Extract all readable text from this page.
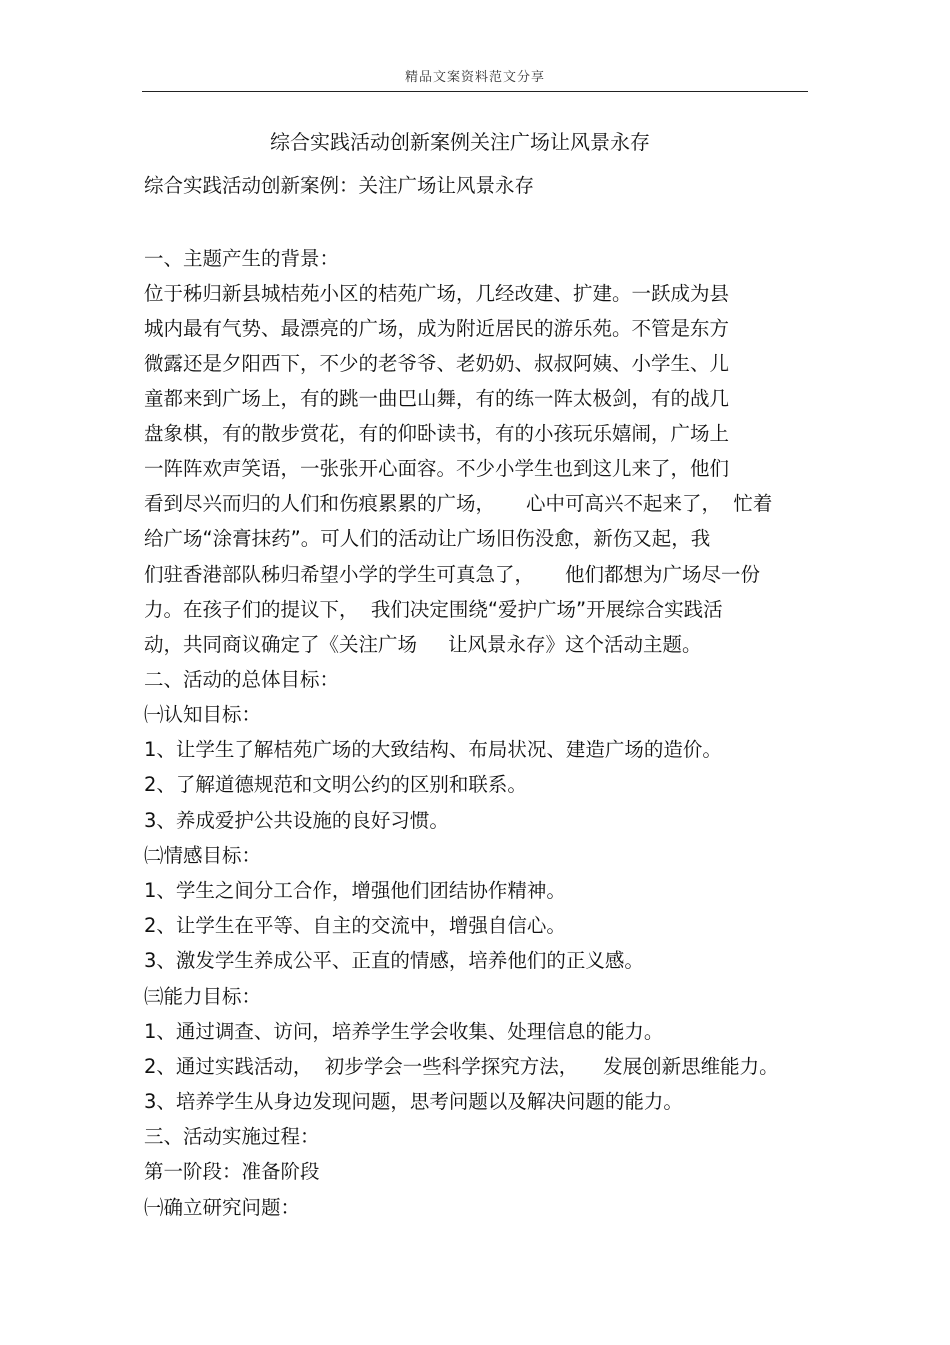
精品文案资料范文分享
综合实践活动创新案例关注广场让风景永存
综合实践活动创新案例：关注广场让风景永存
一、主题产生的背景：
位于秭归新县城桔苑小区的桔苑广场，几经改建、扩建。一跃成为县
城内最有气势、最漂亮的广场，成为附近居民的游乐苑。不管是东方
微露还是夕阳西下，不少的老爷爷、老奶奶、叔叔阿姨、小学生、儿
童都来到广场上，有的跳一曲巴山舞，有的练一阵太极剑，有的战几
盘象棋，有的散步赏花，有的仰卧读书，有的小孩玩乐嬉闹，广场上
一阵阵欢声笑语，一张张开心面容。不少小学生也到这儿来了，他们
看到尽兴而归的人们和伤痕累累的广场，     心中可高兴不起来了，  忙着
给广场“涂膏抹药”。可人们的活动让广场旧伤没愈，新伤又起，我
们驻香港部队秭归希望小学的学生可真急了，     他们都想为广场尽一份
力。在孩子们的提议下，  我们决定围绕“爱护广场”开展综合实践活
动，共同商议确定了《关注广场     让风景永存》这个活动主题。
二、活动的总体目标：
㈠认知目标：
1、让学生了解桔苑广场的大致结构、布局状况、建造广场的造价。
2、了解道德规范和文明公约的区别和联系。
3、养成爱护公共设施的良好习惯。
㈡情感目标：
1、学生之间分工合作，增强他们团结协作精神。
2、让学生在平等、自主的交流中，增强自信心。
3、激发学生养成公平、正直的情感，培养他们的正义感。
㈢能力目标：
1、通过调查、访问，培养学生学会收集、处理信息的能力。
2、通过实践活动，  初步学会一些科学探究方法，    发展创新思维能力。
3、培养学生从身边发现问题，思考问题以及解决问题的能力。
三、活动实施过程：
第一阶段：准备阶段
㈠确立研究问题：
